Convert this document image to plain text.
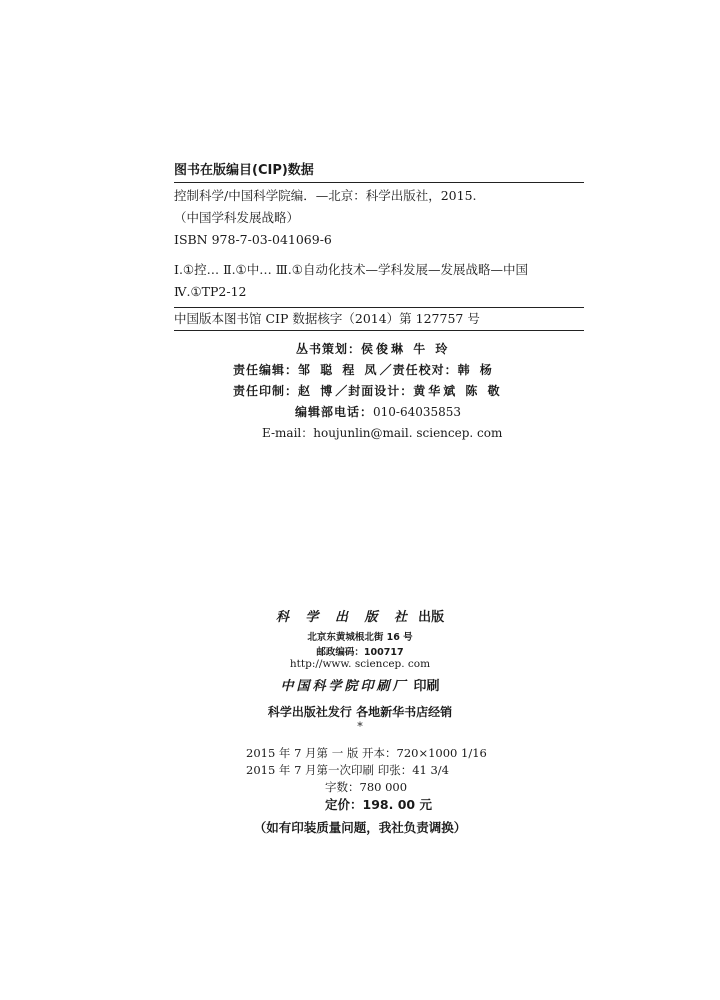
图书在版编目(CIP)数据
控制科学/中国科学院编．—北京：科学出版社，2015.
（中国学科发展战略）
ISBN 978-7-03-041069-6
Ⅰ.①控… Ⅱ.①中… Ⅲ.①自动化技术—学科发展—发展战略—中国
Ⅳ.①TP2-12
中国版本图书馆 CIP 数据核字（2014）第 127757 号
丛书策划：侯俊琳 牛 玲
责任编辑：邹 聪 程 凤／责任校对：韩 杨
责任印制：赵 博／封面设计：黄华斌 陈 敬
编辑部电话：010-64035853
E-mail：houjunlin@mail. sciencep. com
科 学 出 版 社 出版
北京东黄城根北街 16 号
邮政编码：100717
http://www. sciencep. com
中国科学院印刷厂 印刷
科学出版社发行 各地新华书店经销
*
2015 年 7 月第 一 版 开本：720×1000 1/16
2015 年 7 月第一次印刷 印张：41 3/4
字数：780 000
定价：198. 00 元
（如有印装质量问题，我社负责调换）
